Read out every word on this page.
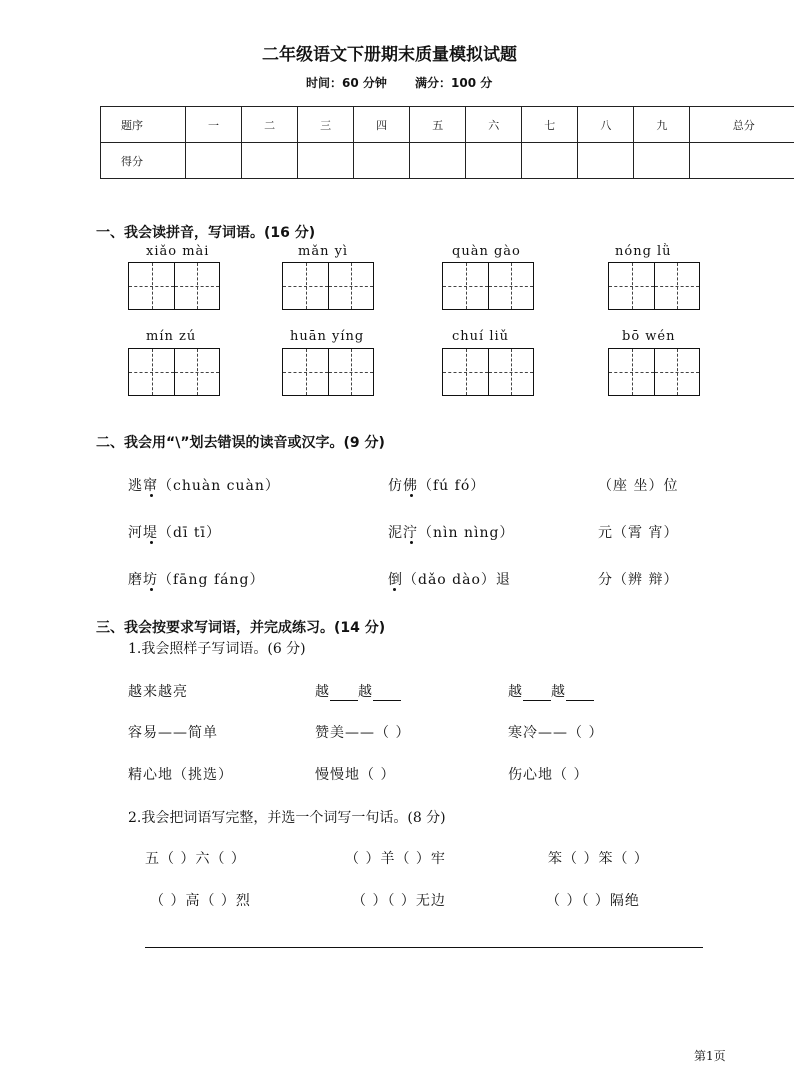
二年级语文下册期末质量模拟试题
时间：60 分钟 满分：100 分
题序	一	二	三	四	五	六	七	八	九	总分
得分										
一、我会读拼音，写词语。(16 分)
xiǎo mài	mǎn yì	quàn gào	nóng lǜ
mín zú	huān yíng	chuí liǔ	bō wén
二、我会用“\”划去错误的读音或汉字。(9 分)
逃窜（chuàn cuàn）	仿佛（fú fó）	（座 坐）位
河堤（dī tī）	泥泞（nìn nìng）	元（霄 宵）
磨坊（fāng fáng）	倒（dǎo dào）退	分（辨 辩）
三、我会按要求写词语，并完成练习。(14 分)
1.我会照样子写词语。(6 分)
越来越亮	越 越	越 越
容易——简单	赞美——（ ）	寒冷——（ ）
精心地（挑选）	慢慢地（ ）	伤心地（ ）
2.我会把词语写完整，并选一个词写一句话。(8 分)
五（ ）六（ ）	（ ）羊（ ）牢	笨（ ）笨（ ）
（ ）高（ ）烈	（ ）（ ）无边	（ ）（ ）隔绝
第1页
